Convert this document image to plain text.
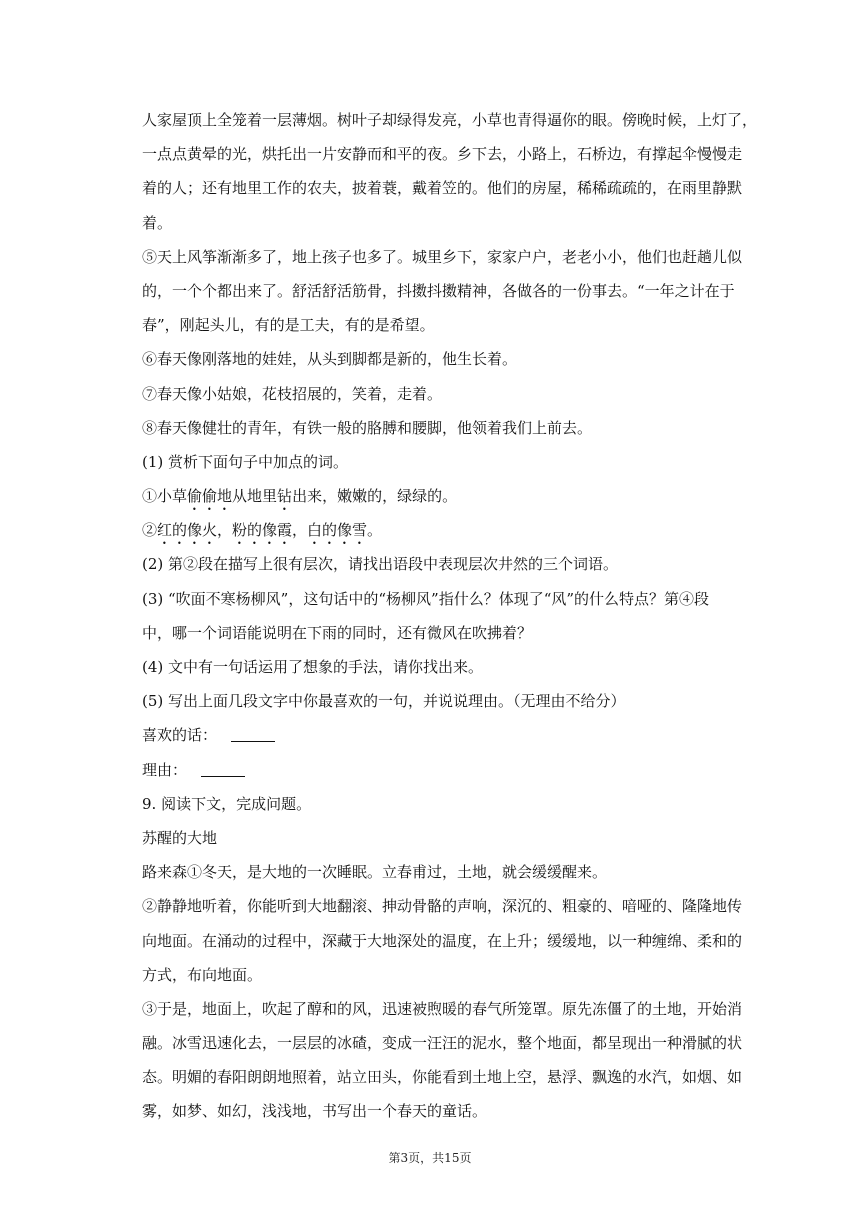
人家屋顶上全笼着一层薄烟。树叶子却绿得发亮，小草也青得逼你的眼。傍晚时候，上灯了，
一点点黄晕的光，烘托出一片安静而和平的夜。乡下去，小路上，石桥边，有撑起伞慢慢走
着的人；还有地里工作的农夫，披着蓑，戴着笠的。他们的房屋，稀稀疏疏的，在雨里静默
着。
⑤天上风筝渐渐多了，地上孩子也多了。城里乡下，家家户户，老老小小，他们也赶趟儿似
的，一个个都出来了。舒活舒活筋骨，抖擞抖擞精神，各做各的一份事去。“一年之计在于
春”，刚起头儿，有的是工夫，有的是希望。
⑥春天像刚落地的娃娃，从头到脚都是新的，他生长着。
⑦春天像小姑娘，花枝招展的，笑着，走着。
⑧春天像健壮的青年，有铁一般的胳膊和腰脚，他领着我们上前去。
(1) 赏析下面句子中加点的词。
①小草偷偷地从地里钻出来，嫩嫩的，绿绿的。
②红的像火，粉的像霞，白的像雪。
(2) 第②段在描写上很有层次，请找出语段中表现层次井然的三个词语。
(3) “吹面不寒杨柳风”，这句话中的“杨柳风”指什么？体现了“风”的什么特点？第④段
中，哪一个词语能说明在下雨的同时，还有微风在吹拂着？
(4) 文中有一句话运用了想象的手法，请你找出来。
(5) 写出上面几段文字中你最喜欢的一句，并说说理由。（无理由不给分）
喜欢的话：
理由：
9. 阅读下文，完成问题。
苏醒的大地
路来森①冬天，是大地的一次睡眠。立春甫过，土地，就会缓缓醒来。
②静静地听着，你能听到大地翻滚、抻动骨骼的声响，深沉的、粗豪的、喑哑的、隆隆地传
向地面。在涌动的过程中，深藏于大地深处的温度，在上升；缓缓地，以一种缠绵、柔和的
方式，布向地面。
③于是，地面上，吹起了醇和的风，迅速被煦暖的春气所笼罩。原先冻僵了的土地，开始消
融。冰雪迅速化去，一层层的冰碴，变成一汪汪的泥水，整个地面，都呈现出一种滑腻的状
态。明媚的春阳朗朗地照着，站立田头，你能看到土地上空，悬浮、飘逸的水汽，如烟、如
雾，如梦、如幻，浅浅地，书写出一个春天的童话。
第3页，共15页
